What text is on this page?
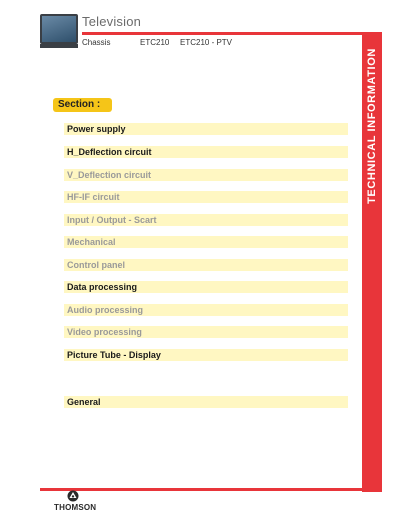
Television
Chassis	ETC210 ETC210 - PTV
TECHNICAL INFORMATION
Section :
Power supply
H_Deflection circuit
V_Deflection circuit
HF-IF circuit
Input / Output - Scart
Mechanical
Control panel
Data processing
Audio processing
Video processing
Picture Tube - Display
General
THOMSON
